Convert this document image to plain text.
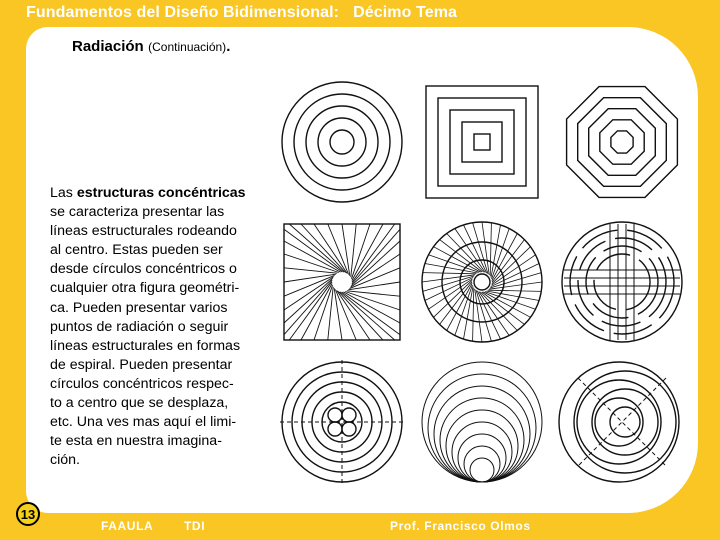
Fundamentos del Diseño Bidimensional: Décimo Tema
Radiación (Continuación).

Las estructuras concéntricas

se caracteriza presentar las

líneas estructurales rodeando

al centro. Estas pueden ser

desde círculos concéntricos o

cualquier otra figura geométri-

ca. Pueden presentar varios

puntos de radiación o seguir

líneas estructurales en formas

de espiral. Pueden presentar

círculos concéntricos respec-

to a centro que se desplaza,

etc. Una ves mas aquí el limi-

te esta en nuestra imagina-

ción.

13
FAAULA	TDI	Prof. Francisco Olmos
